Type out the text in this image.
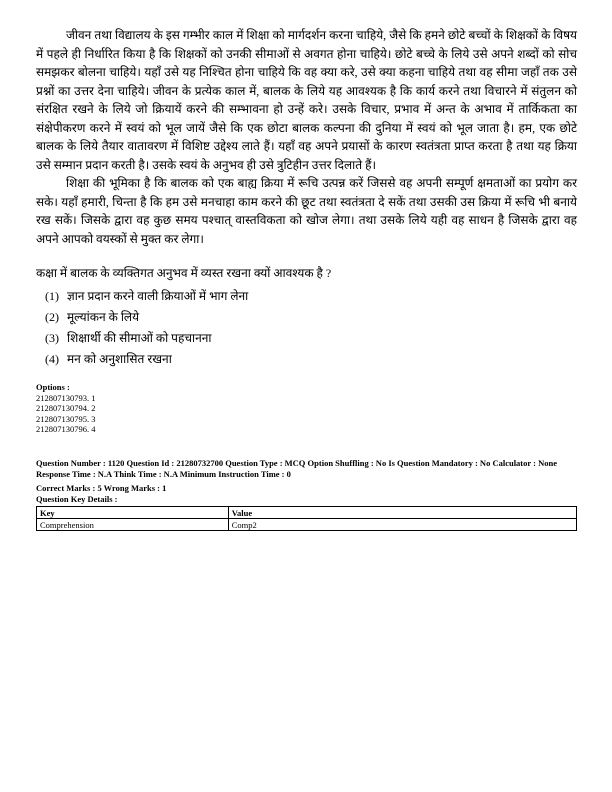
जीवन तथा विद्यालय के इस गम्भीर काल में शिक्षा को मार्गदर्शन करना चाहिये, जैसे कि हमने छोटे बच्चों के शिक्षकों के विषय में पहले ही निर्धारित किया है कि शिक्षकों को उनकी सीमाओं से अवगत होना चाहिये। छोटे बच्चे के लिये उसे अपने शब्दों को सोच समझकर बोलना चाहिये। यहाँ उसे यह निश्चित होना चाहिये कि वह क्या करे, उसे क्या कहना चाहिये तथा वह सीमा जहाँ तक उसे प्रश्नों का उत्तर देना चाहिये। जीवन के प्रत्येक काल में, बालक के लिये यह आवश्यक है कि कार्य करने तथा विचारने में संतुलन को संरक्षित रखने के लिये जो क्रियायें करने की सम्भावना हो उन्हें करे। उसके विचार, प्रभाव में अन्त के अभाव में तार्किकता का संक्षेपीकरण करने में स्वयं को भूल जायें जैसे कि एक छोटा बालक कल्पना की दुनिया में स्वयं को भूल जाता है। हम, एक छोटे बालक के लिये तैयार वातावरण में विशिष्ट उद्देश्य लाते हैं। यहाँ वह अपने प्रयासों के कारण स्वतंत्रता प्राप्त करता है तथा यह क्रिया उसे सम्मान प्रदान करती है। उसके स्वयं के अनुभव ही उसे त्रुटिहीन उत्तर दिलाते हैं।

शिक्षा की भूमिका है कि बालक को एक बाह्य क्रिया में रूचि उत्पन्न करें जिससे वह अपनी सम्पूर्ण क्षमताओं का प्रयोग कर सके। यहाँ हमारी, चिन्ता है कि हम उसे मनचाहा काम करने की छूट तथा स्वतंत्रता दे सकें तथा उसकी उस क्रिया में रूचि भी बनाये रख सकें। जिसके द्वारा वह कुछ समय पश्चात् वास्तविकता को खोज लेगा। तथा उसके लिये यही वह साधन है जिसके द्वारा वह अपने आपको वयस्कों से मुक्त कर लेगा।

कक्षा में बालक के व्यक्तिगत अनुभव में व्यस्त रखना क्यों आवश्यक है ?
(1) ज्ञान प्रदान करने वाली क्रियाओं में भाग लेना
(2) मूल्यांकन के लिये
(3) शिक्षार्थी की सीमाओं को पहचानना
(4) मन को अनुशासित रखना
Options :
212807130793. 1
212807130794. 2
212807130795. 3
212807130796. 4
Question Number : 1120 Question Id : 21280732700 Question Type : MCQ Option Shuffling : No Is Question Mandatory : No Calculator : None Response Time : N.A Think Time : N.A Minimum Instruction Time : 0
Correct Marks : 5 Wrong Marks : 1
Question Key Details :
Key	Value
Comprehension	Comp2
